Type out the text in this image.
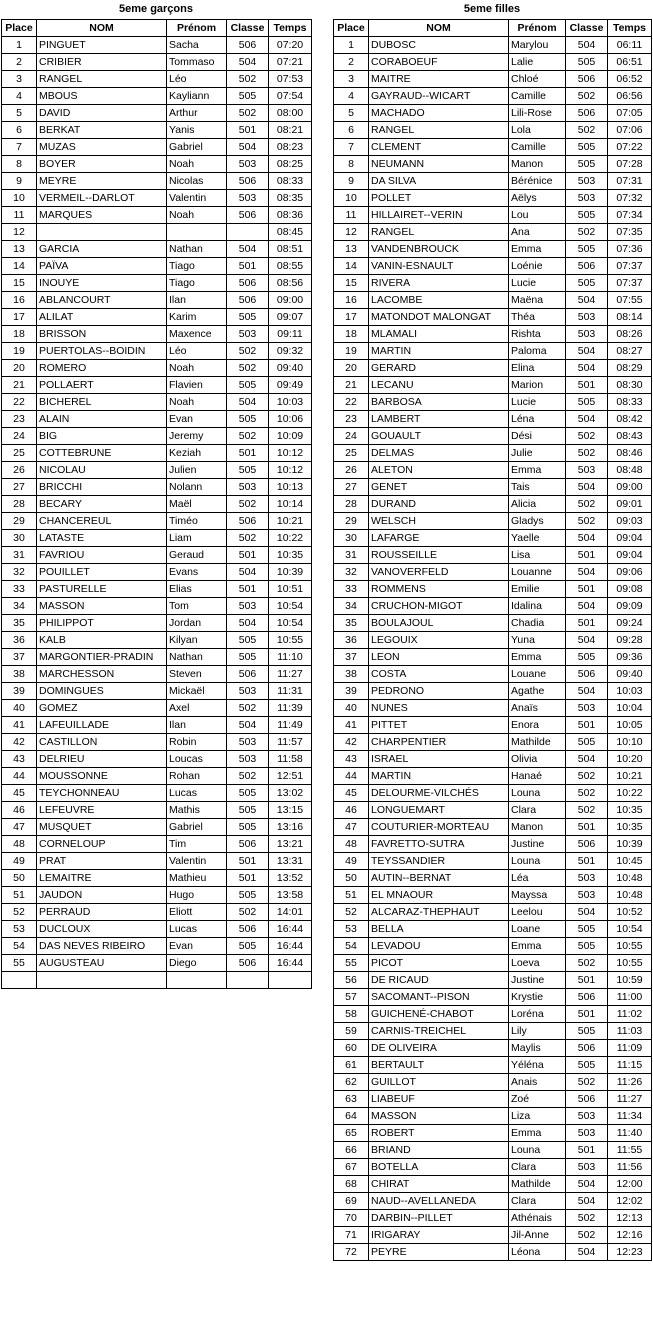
5eme garçons
Place	NOM	Prénom	Classe	Temps
1	PINGUET	Sacha	506	07:20
2	CRIBIER	Tommaso	504	07:21
3	RANGEL	Léo	502	07:53
4	MBOUS	Kayliann	505	07:54
5	DAVID	Arthur	502	08:00
6	BERKAT	Yanis	501	08:21
7	MUZAS	Gabriel	504	08:23
8	BOYER	Noah	503	08:25
9	MEYRE	Nicolas	506	08:33
10	VERMEIL--DARLOT	Valentin	503	08:35
11	MARQUES	Noah	506	08:36
12				08:45
13	GARCIA	Nathan	504	08:51
14	PAÏVA	Tiago	501	08:55
15	INOUYE	Tiago	506	08:56
16	ABLANCOURT	Ilan	506	09:00
17	ALILAT	Karim	505	09:07
18	BRISSON	Maxence	503	09:11
19	PUERTOLAS--BOIDIN	Léo	502	09:32
20	ROMERO	Noah	502	09:40
21	POLLAERT	Flavien	505	09:49
22	BICHEREL	Noah	504	10:03
23	ALAIN	Evan	505	10:06
24	BIG	Jeremy	502	10:09
25	COTTEBRUNE	Keziah	501	10:12
26	NICOLAU	Julien	505	10:12
27	BRICCHI	Nolann	503	10:13
28	BECARY	Maël	502	10:14
29	CHANCEREUL	Timéo	506	10:21
30	LATASTE	Liam	502	10:22
31	FAVRIOU	Geraud	501	10:35
32	POUILLET	Evans	504	10:39
33	PASTURELLE	Elias	501	10:51
34	MASSON	Tom	503	10:54
35	PHILIPPOT	Jordan	504	10:54
36	KALB	Kilyan	505	10:55
37	MARGONTIER-PRADIN	Nathan	505	11:10
38	MARCHESSON	Steven	506	11:27
39	DOMINGUES	Mickaël	503	11:31
40	GOMEZ	Axel	502	11:39
41	LAFEUILLADE	Ilan	504	11:49
42	CASTILLON	Robin	503	11:57
43	DELRIEU	Loucas	503	11:58
44	MOUSSONNE	Rohan	502	12:51
45	TEYCHONNEAU	Lucas	505	13:02
46	LEFEUVRE	Mathis	505	13:15
47	MUSQUET	Gabriel	505	13:16
48	CORNELOUP	Tim	506	13:21
49	PRAT	Valentin	501	13:31
50	LEMAITRE	Mathieu	501	13:52
51	JAUDON	Hugo	505	13:58
52	PERRAUD	Eliott	502	14:01
53	DUCLOUX	Lucas	506	16:44
54	DAS NEVES RIBEIRO	Evan	505	16:44
55	AUGUSTEAU	Diego	506	16:44

5eme filles
Place	NOM	Prénom	Classe	Temps
1	DUBOSC	Marylou	504	06:11
2	CORABOEUF	Lalie	505	06:51
3	MAITRE	Chloé	506	06:52
4	GAYRAUD--WICART	Camille	502	06:56
5	MACHADO	Lili-Rose	506	07:05
6	RANGEL	Lola	502	07:06
7	CLEMENT	Camille	505	07:22
8	NEUMANN	Manon	505	07:28
9	DA SILVA	Bérénice	503	07:31
10	POLLET	Aëlys	503	07:32
11	HILLAIRET--VERIN	Lou	505	07:34
12	RANGEL	Ana	502	07:35
13	VANDENBROUCK	Emma	505	07:36
14	VANIN-ESNAULT	Loénie	506	07:37
15	RIVERA	Lucie	505	07:37
16	LACOMBE	Maëna	504	07:55
17	MATONDOT MALONGAT	Théa	503	08:14
18	MLAMALI	Rishta	503	08:26
19	MARTIN	Paloma	504	08:27
20	GERARD	Elina	504	08:29
21	LECANU	Marion	501	08:30
22	BARBOSA	Lucie	505	08:33
23	LAMBERT	Léna	504	08:42
24	GOUAULT	Dési	502	08:43
25	DELMAS	Julie	502	08:46
26	ALETON	Emma	503	08:48
27	GENET	Tais	504	09:00
28	DURAND	Alicia	502	09:01
29	WELSCH	Gladys	502	09:03
30	LAFARGE	Yaelle	504	09:04
31	ROUSSEILLE	Lisa	501	09:04
32	VANOVERFELD	Louanne	504	09:06
33	ROMMENS	Emilie	501	09:08
34	CRUCHON-MIGOT	Idalina	504	09:09
35	BOULAJOUL	Chadia	501	09:24
36	LEGOUIX	Yuna	504	09:28
37	LEON	Emma	505	09:36
38	COSTA	Louane	506	09:40
39	PEDRONO	Agathe	504	10:03
40	NUNES	Anaïs	503	10:04
41	PITTET	Enora	501	10:05
42	CHARPENTIER	Mathilde	505	10:10
43	ISRAEL	Olivia	504	10:20
44	MARTIN	Hanaé	502	10:21
45	DELOURME-VILCHÉS	Louna	502	10:22
46	LONGUEMART	Clara	502	10:35
47	COUTURIER-MORTEAU	Manon	501	10:35
48	FAVRETTO-SUTRA	Justine	506	10:39
49	TEYSSANDIER	Louna	501	10:45
50	AUTIN--BERNAT	Léa	503	10:48
51	EL MNAOUR	Mayssa	503	10:48
52	ALCARAZ-THEPHAUT	Leelou	504	10:52
53	BELLA	Loane	505	10:54
54	LEVADOU	Emma	505	10:55
55	PICOT	Loeva	502	10:55
56	DE RICAUD	Justine	501	10:59
57	SACOMANT--PISON	Krystie	506	11:00
58	GUICHENÉ-CHABOT	Loréna	501	11:02
59	CARNIS-TREICHEL	Lily	505	11:03
60	DE OLIVEIRA	Maylis	506	11:09
61	BERTAULT	Yéléna	505	11:15
62	GUILLOT	Anais	502	11:26
63	LIABEUF	Zoé	506	11:27
64	MASSON	Liza	503	11:34
65	ROBERT	Emma	503	11:40
66	BRIAND	Louna	501	11:55
67	BOTELLA	Clara	503	11:56
68	CHIRAT	Mathilde	504	12:00
69	NAUD--AVELLANEDA	Clara	504	12:02
70	DARBIN--PILLET	Athénais	502	12:13
71	IRIGARAY	Jil-Anne	502	12:16
72	PEYRE	Léona	504	12:23
